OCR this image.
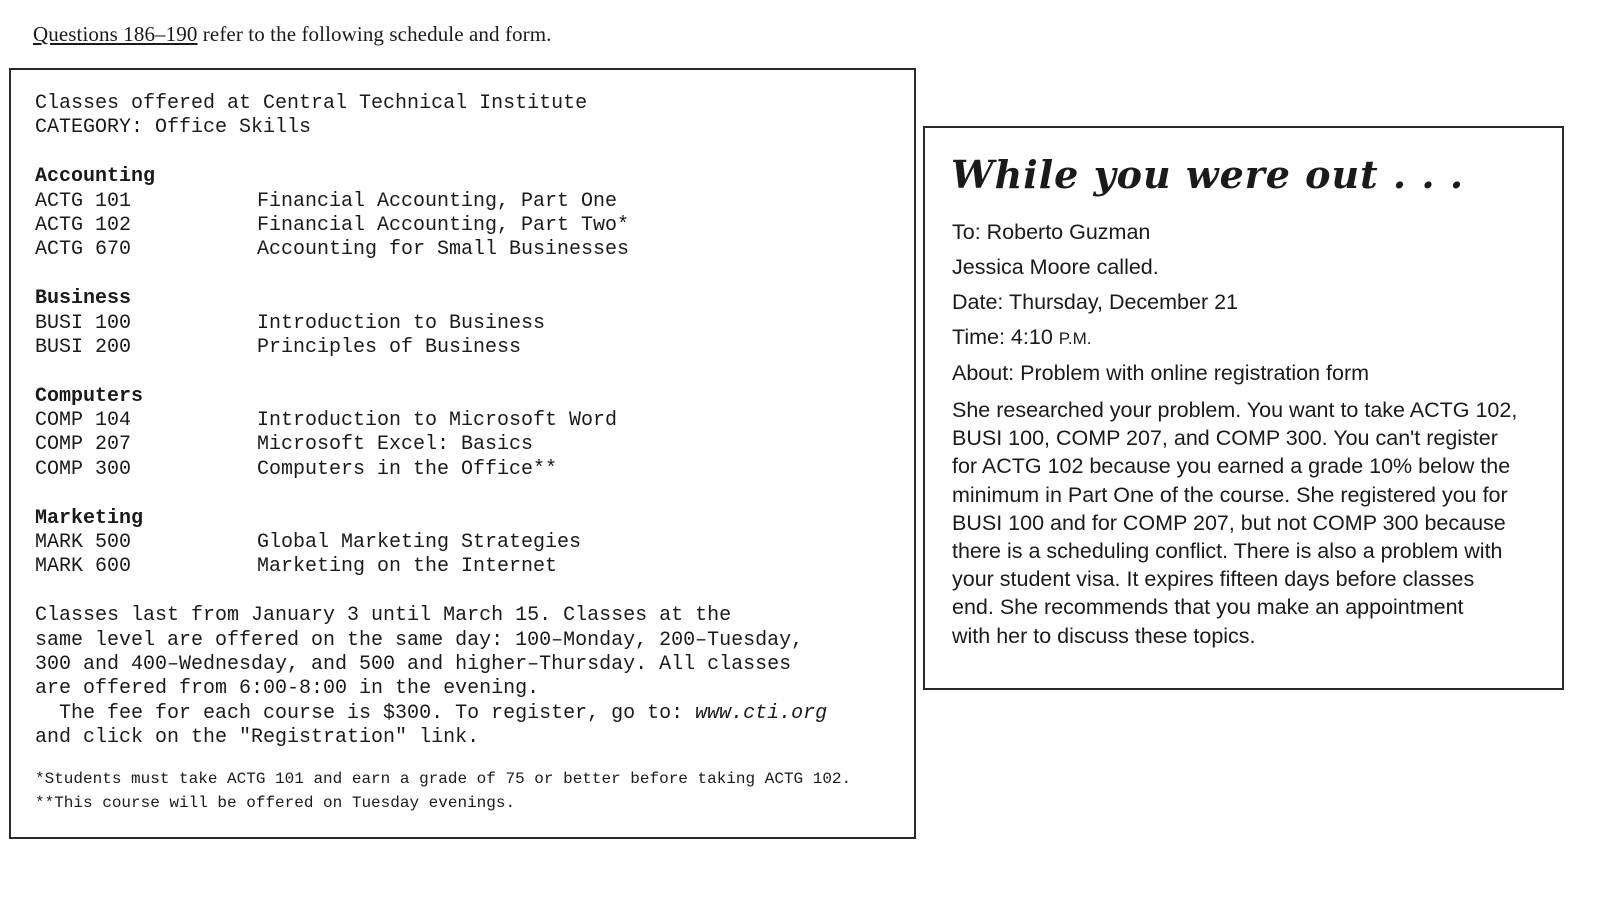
Questions 186–190 refer to the following schedule and form.
Classes offered at Central Technical Institute
CATEGORY: Office Skills
Accounting
ACTG 101	Financial Accounting, Part One
ACTG 102	Financial Accounting, Part Two*
ACTG 670	Accounting for Small Businesses
Business
BUSI 100	Introduction to Business
BUSI 200	Principles of Business
Computers
COMP 104	Introduction to Microsoft Word
COMP 207	Microsoft Excel: Basics
COMP 300	Computers in the Office**
Marketing
MARK 500	Global Marketing Strategies
MARK 600	Marketing on the Internet
Classes last from January 3 until March 15. Classes at the
same level are offered on the same day: 100–Monday, 200–Tuesday,
300 and 400–Wednesday, and 500 and higher–Thursday. All classes
are offered from 6:00-8:00 in the evening.
The fee for each course is $300. To register, go to: www.cti.org
and click on the "Registration" link.
*Students must take ACTG 101 and earn a grade of 75 or better before taking ACTG 102.
**This course will be offered on Tuesday evenings.
While you were out . . .
To: Roberto Guzman
Jessica Moore called.
Date: Thursday, December 21
Time: 4:10 P.M.
About: Problem with online registration form
She researched your problem. You want to take ACTG 102,
BUSI 100, COMP 207, and COMP 300. You can't register
for ACTG 102 because you earned a grade 10% below the
minimum in Part One of the course. She registered you for
BUSI 100 and for COMP 207, but not COMP 300 because
there is a scheduling conflict. There is also a problem with
your student visa. It expires fifteen days before classes
end. She recommends that you make an appointment
with her to discuss these topics.
